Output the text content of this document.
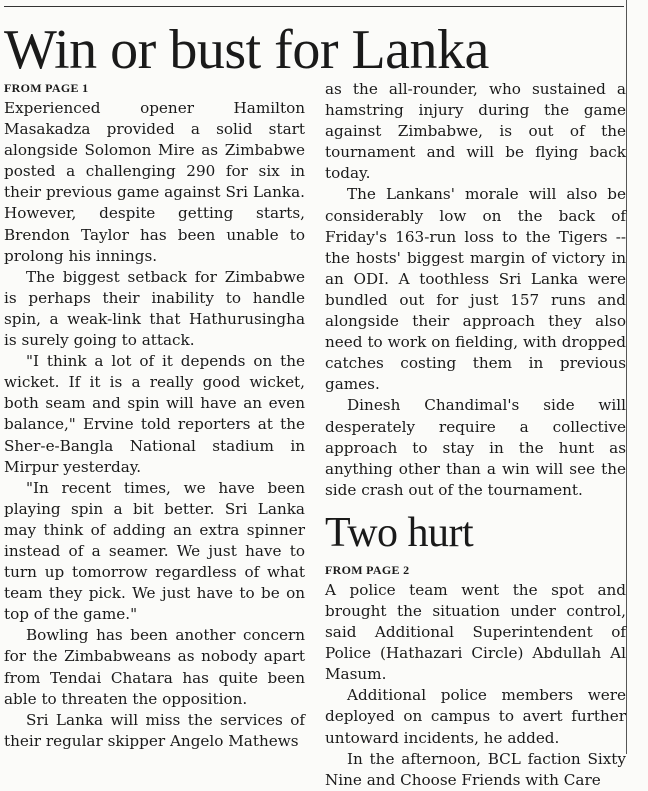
Win or bust for Lanka
FROM PAGE 1

Experienced opener Hamilton Masakadza provided a solid start alongside Solomon Mire as Zimbabwe posted a challenging 290 for six in their previous game against Sri Lanka. However, despite getting starts, Brendon Taylor has been unable to prolong his innings.

The biggest setback for Zimbabwe is perhaps their inability to handle spin, a weak-link that Hathurusingha is surely going to attack.

"I think a lot of it depends on the wicket. If it is a really good wicket, both seam and spin will have an even balance," Ervine told reporters at the Sher-e-Bangla National stadium in Mirpur yesterday.

"In recent times, we have been playing spin a bit better. Sri Lanka may think of adding an extra spinner instead of a seamer. We just have to turn up tomorrow regardless of what team they pick. We just have to be on top of the game."

Bowling has been another concern for the Zimbabweans as nobody apart from Tendai Chatara has quite been able to threaten the opposition.

Sri Lanka will miss the services of their regular skipper Angelo Mathews

as the all-rounder, who sustained a hamstring injury during the game against Zimbabwe, is out of the tournament and will be flying back today.

The Lankans' morale will also be considerably low on the back of Friday's 163-run loss to the Tigers -- the hosts' biggest margin of victory in an ODI. A toothless Sri Lanka were bundled out for just 157 runs and alongside their approach they also need to work on fielding, with dropped catches costing them in previous games.

Dinesh Chandimal's side will desperately require a collective approach to stay in the hunt as anything other than a win will see the side crash out of the tournament.

Two hurt
FROM PAGE 2

A police team went the spot and brought the situation under control, said Additional Superintendent of Police (Hathazari Circle) Abdullah Al Masum.

Additional police members were deployed on campus to avert further untoward incidents, he added.

In the afternoon, BCL faction Sixty Nine and Choose Friends with Care
